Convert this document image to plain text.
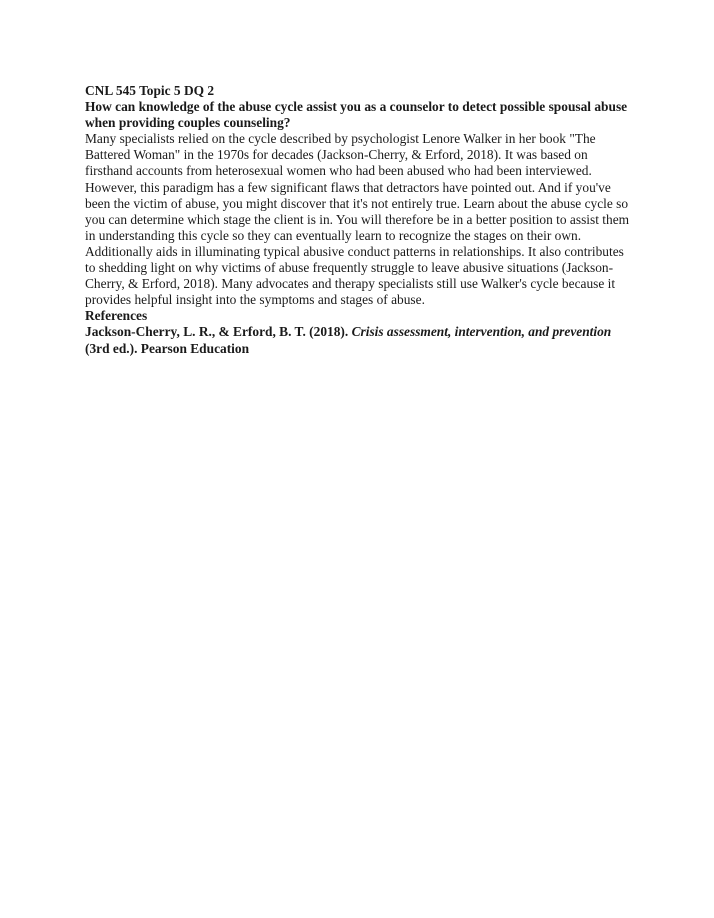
CNL 545 Topic 5 DQ 2

How can knowledge of the abuse cycle assist you as a counselor to detect possible spousal abuse when providing couples counseling?

Many specialists relied on the cycle described by psychologist Lenore Walker in her book "The Battered Woman" in the 1970s for decades (Jackson-Cherry, & Erford, 2018). It was based on firsthand accounts from heterosexual women who had been abused who had been interviewed. However, this paradigm has a few significant flaws that detractors have pointed out. And if you've been the victim of abuse, you might discover that it's not entirely true. Learn about the abuse cycle so you can determine which stage the client is in. You will therefore be in a better position to assist them in understanding this cycle so they can eventually learn to recognize the stages on their own. Additionally aids in illuminating typical abusive conduct patterns in relationships. It also contributes to shedding light on why victims of abuse frequently struggle to leave abusive situations (Jackson-Cherry, & Erford, 2018). Many advocates and therapy specialists still use Walker's cycle because it provides helpful insight into the symptoms and stages of abuse.

References

Jackson-Cherry, L. R., & Erford, B. T. (2018). Crisis assessment, intervention, and prevention (3rd ed.). Pearson Education
